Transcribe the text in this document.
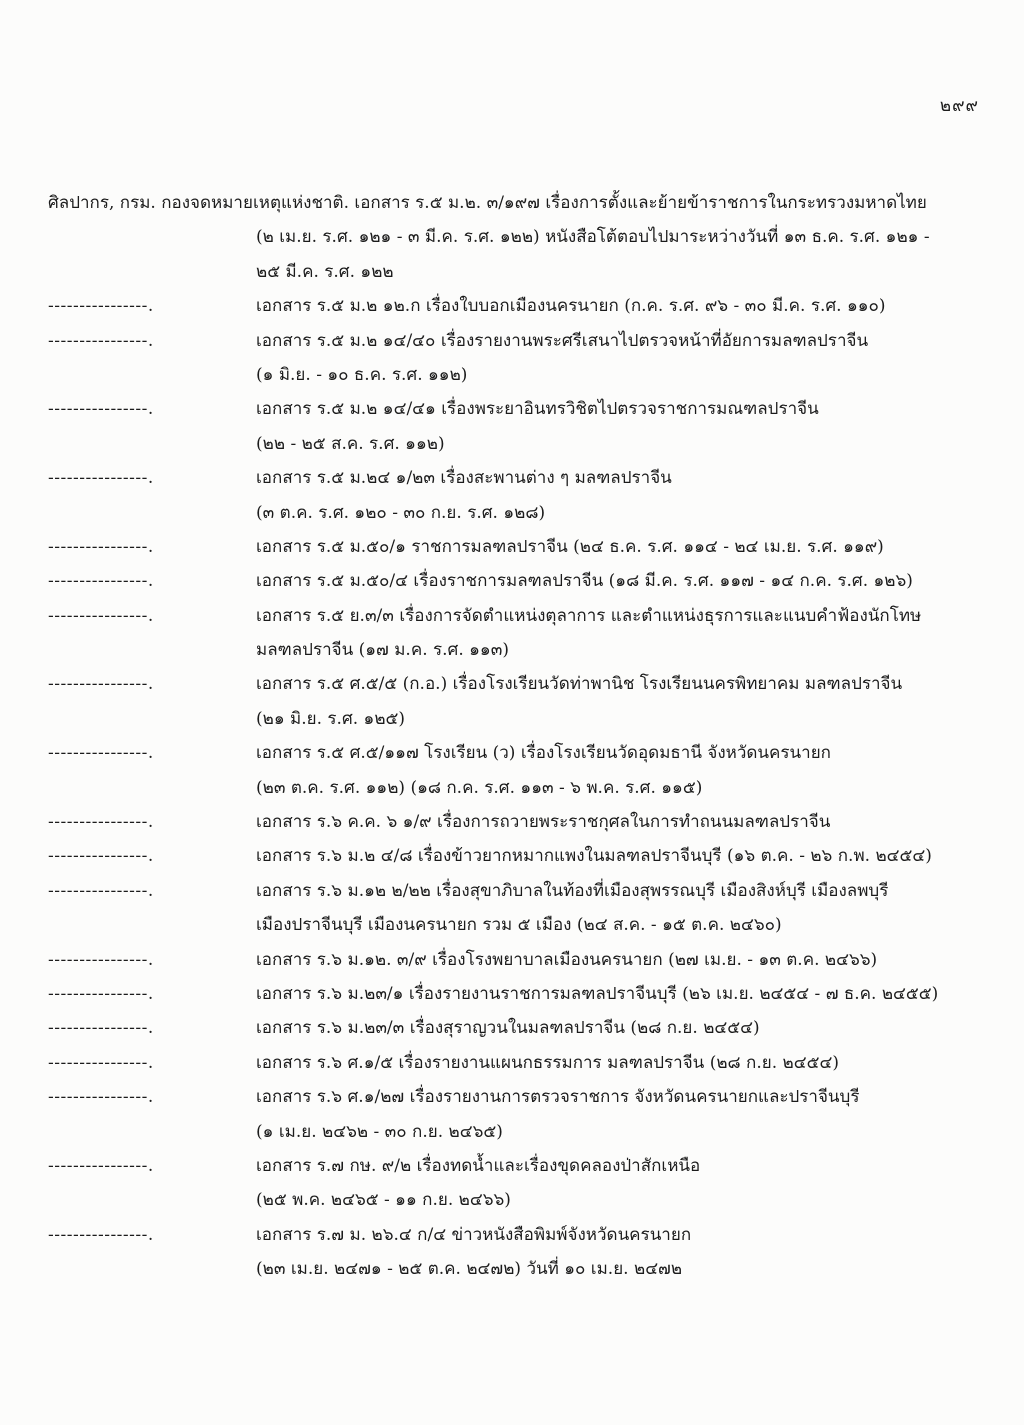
๒๙๙
ศิลปากร, กรม. กองจดหมายเหตุแห่งชาติ. เอกสาร ร.๕ ม.๒. ๓/๑๙๗ เรื่องการตั้งและย้ายข้าราชการในกระทรวงมหาดไทย
(๒ เม.ย. ร.ศ. ๑๒๑ - ๓ มี.ค. ร.ศ. ๑๒๒) หนังสือโต้ตอบไปมาระหว่างวันที่ ๑๓ ธ.ค. ร.ศ. ๑๒๑ -
๒๕ มี.ค. ร.ศ. ๑๒๒
----------------.	เอกสาร ร.๕ ม.๒ ๑๒.ก เรื่องใบบอกเมืองนครนายก (ก.ค. ร.ศ. ๙๖ - ๓๐ มี.ค. ร.ศ. ๑๑๐)
----------------.	เอกสาร ร.๕ ม.๒ ๑๔/๔๐ เรื่องรายงานพระศรีเสนาไปตรวจหน้าที่อัยการมลฑลปราจีน
(๑ มิ.ย. - ๑๐ ธ.ค. ร.ศ. ๑๑๒)
----------------.	เอกสาร ร.๕ ม.๒ ๑๔/๔๑ เรื่องพระยาอินทรวิชิตไปตรวจราชการมณฑลปราจีน
(๒๒ - ๒๕ ส.ค. ร.ศ. ๑๑๒)
----------------.	เอกสาร ร.๕ ม.๒๔ ๑/๒๓ เรื่องสะพานต่าง ๆ มลฑลปราจีน
(๓ ต.ค. ร.ศ. ๑๒๐ - ๓๐ ก.ย. ร.ศ. ๑๒๘)
----------------.	เอกสาร ร.๕ ม.๕๐/๑ ราชการมลฑลปราจีน (๒๔ ธ.ค. ร.ศ. ๑๑๔ - ๒๔ เม.ย. ร.ศ. ๑๑๙)
----------------.	เอกสาร ร.๕ ม.๕๐/๔ เรื่องราชการมลฑลปราจีน (๑๘ มี.ค. ร.ศ. ๑๑๗ - ๑๔ ก.ค. ร.ศ. ๑๒๖)
----------------.	เอกสาร ร.๕ ย.๓/๓ เรื่องการจัดตำแหน่งตุลาการ และตำแหน่งธุรการและแนบคำฟ้องนักโทษ
มลฑลปราจีน (๑๗ ม.ค. ร.ศ. ๑๑๓)
----------------.	เอกสาร ร.๕ ศ.๕/๕ (ก.อ.) เรื่องโรงเรียนวัดท่าพานิช โรงเรียนนครพิทยาคม มลฑลปราจีน
(๒๑ มิ.ย. ร.ศ. ๑๒๕)
----------------.	เอกสาร ร.๕ ศ.๕/๑๑๗ โรงเรียน (ว) เรื่องโรงเรียนวัดอุดมธานี จังหวัดนครนายก
(๒๓ ต.ค. ร.ศ. ๑๑๒) (๑๘ ก.ค. ร.ศ. ๑๑๓ - ๖ พ.ค. ร.ศ. ๑๑๕)
----------------.	เอกสาร ร.๖ ค.ค. ๖ ๑/๙ เรื่องการถวายพระราชกุศลในการทำถนนมลฑลปราจีน
----------------.	เอกสาร ร.๖ ม.๒ ๔/๘ เรื่องข้าวยากหมากแพงในมลฑลปราจีนบุรี (๑๖ ต.ค. - ๒๖ ก.พ. ๒๔๕๔)
----------------.	เอกสาร ร.๖ ม.๑๒ ๒/๒๒ เรื่องสุขาภิบาลในท้องที่เมืองสุพรรณบุรี เมืองสิงห์บุรี เมืองลพบุรี
เมืองปราจีนบุรี เมืองนครนายก รวม ๕ เมือง (๒๔ ส.ค. - ๑๕ ต.ค. ๒๔๖๐)
----------------.	เอกสาร ร.๖ ม.๑๒. ๓/๙ เรื่องโรงพยาบาลเมืองนครนายก (๒๗ เม.ย. - ๑๓ ต.ค. ๒๔๖๖)
----------------.	เอกสาร ร.๖ ม.๒๓/๑ เรื่องรายงานราชการมลฑลปราจีนบุรี (๒๖ เม.ย. ๒๔๕๔ - ๗ ธ.ค. ๒๔๕๕)
----------------.	เอกสาร ร.๖ ม.๒๓/๓ เรื่องสุราญวนในมลฑลปราจีน (๒๘ ก.ย. ๒๔๕๔)
----------------.	เอกสาร ร.๖ ศ.๑/๕ เรื่องรายงานแผนกธรรมการ มลฑลปราจีน (๒๘ ก.ย. ๒๔๕๔)
----------------.	เอกสาร ร.๖ ศ.๑/๒๗ เรื่องรายงานการตรวจราชการ จังหวัดนครนายกและปราจีนบุรี
(๑ เม.ย. ๒๔๖๒ - ๓๐ ก.ย. ๒๔๖๕)
----------------.	เอกสาร ร.๗ กษ. ๙/๒ เรื่องทดน้ำและเรื่องขุดคลองป่าสักเหนือ
(๒๕ พ.ค. ๒๔๖๕ - ๑๑ ก.ย. ๒๔๖๖)
----------------.	เอกสาร ร.๗ ม. ๒๖.๔ ก/๔ ข่าวหนังสือพิมพ์จังหวัดนครนายก
(๒๓ เม.ย. ๒๔๗๑ - ๒๕ ต.ค. ๒๔๗๒) วันที่ ๑๐ เม.ย. ๒๔๗๒
